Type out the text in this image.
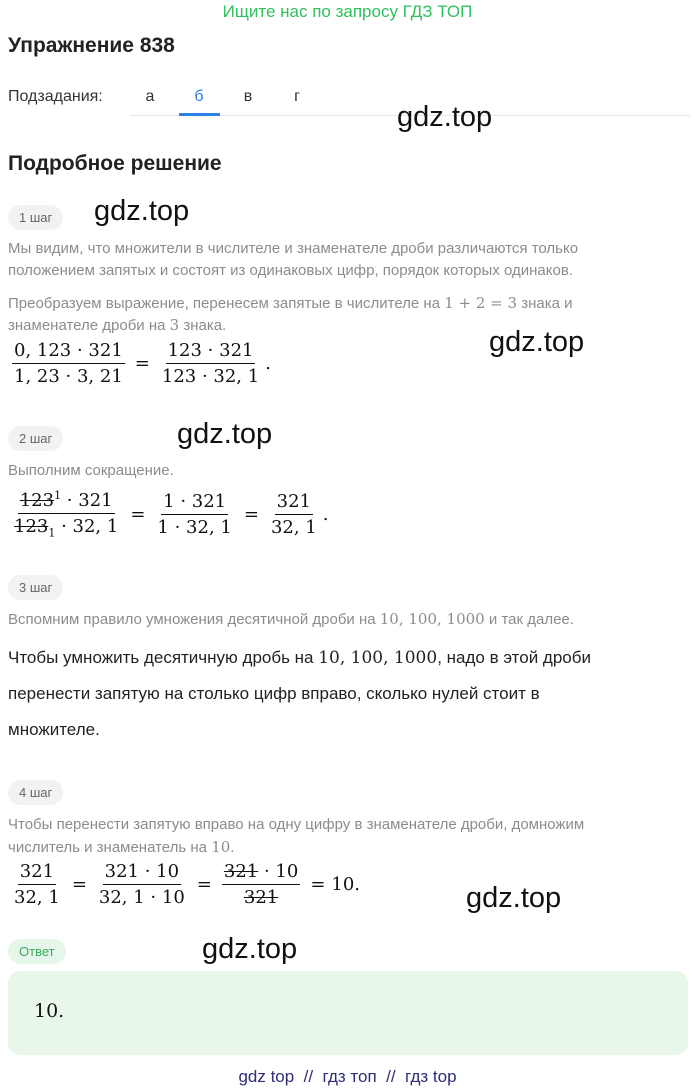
Ищите нас по запросу ГДЗ ТОП
Упражнение 838
Подзадания:	а	б	в	г
gdz.top
Подробное решение
1 шаг	gdz.top
Мы видим, что множители в числителе и знаменателе дроби различаются только положением запятых и состоят из одинаковых цифр, порядок которых одинаков.
Преобразуем выражение, перенесем запятые в числителе на 1 + 2 = 3 знака и
знаменателе дроби на 3 знака.
gdz.top
$\frac{0, 123 \cdot 321}{1, 23 \cdot 3, 21} = \frac{123 \cdot 321}{123 \cdot 32, 1}$ .
2 шаг	gdz.top
Выполним сокращение.
$\frac{123^1 \cdot 321}{123_1 \cdot 32, 1} = \frac{1 \cdot 321}{1 \cdot 32, 1} = \frac{321}{32, 1}$ .
3 шаг
Вспомним правило умножения десятичной дроби на 10, 100, 1000 и так далее.
Чтобы умножить десятичную дробь на 10, 100, 1000, надо в этой дроби
перенести запятую на столько цифр вправо, сколько нулей стоит в
множителе.
4 шаг
Чтобы перенести запятую вправо на одну цифру в знаменателе дроби, домножим
числитель и знаменатель на 10.
$\frac{321}{32, 1} = \frac{321 \cdot 10}{32, 1 \cdot 10} = \frac{321 \cdot 10}{321} = 10$.	gdz.top
Ответ	gdz.top
10.
gdz top  //  гдз топ  //  гдз top
